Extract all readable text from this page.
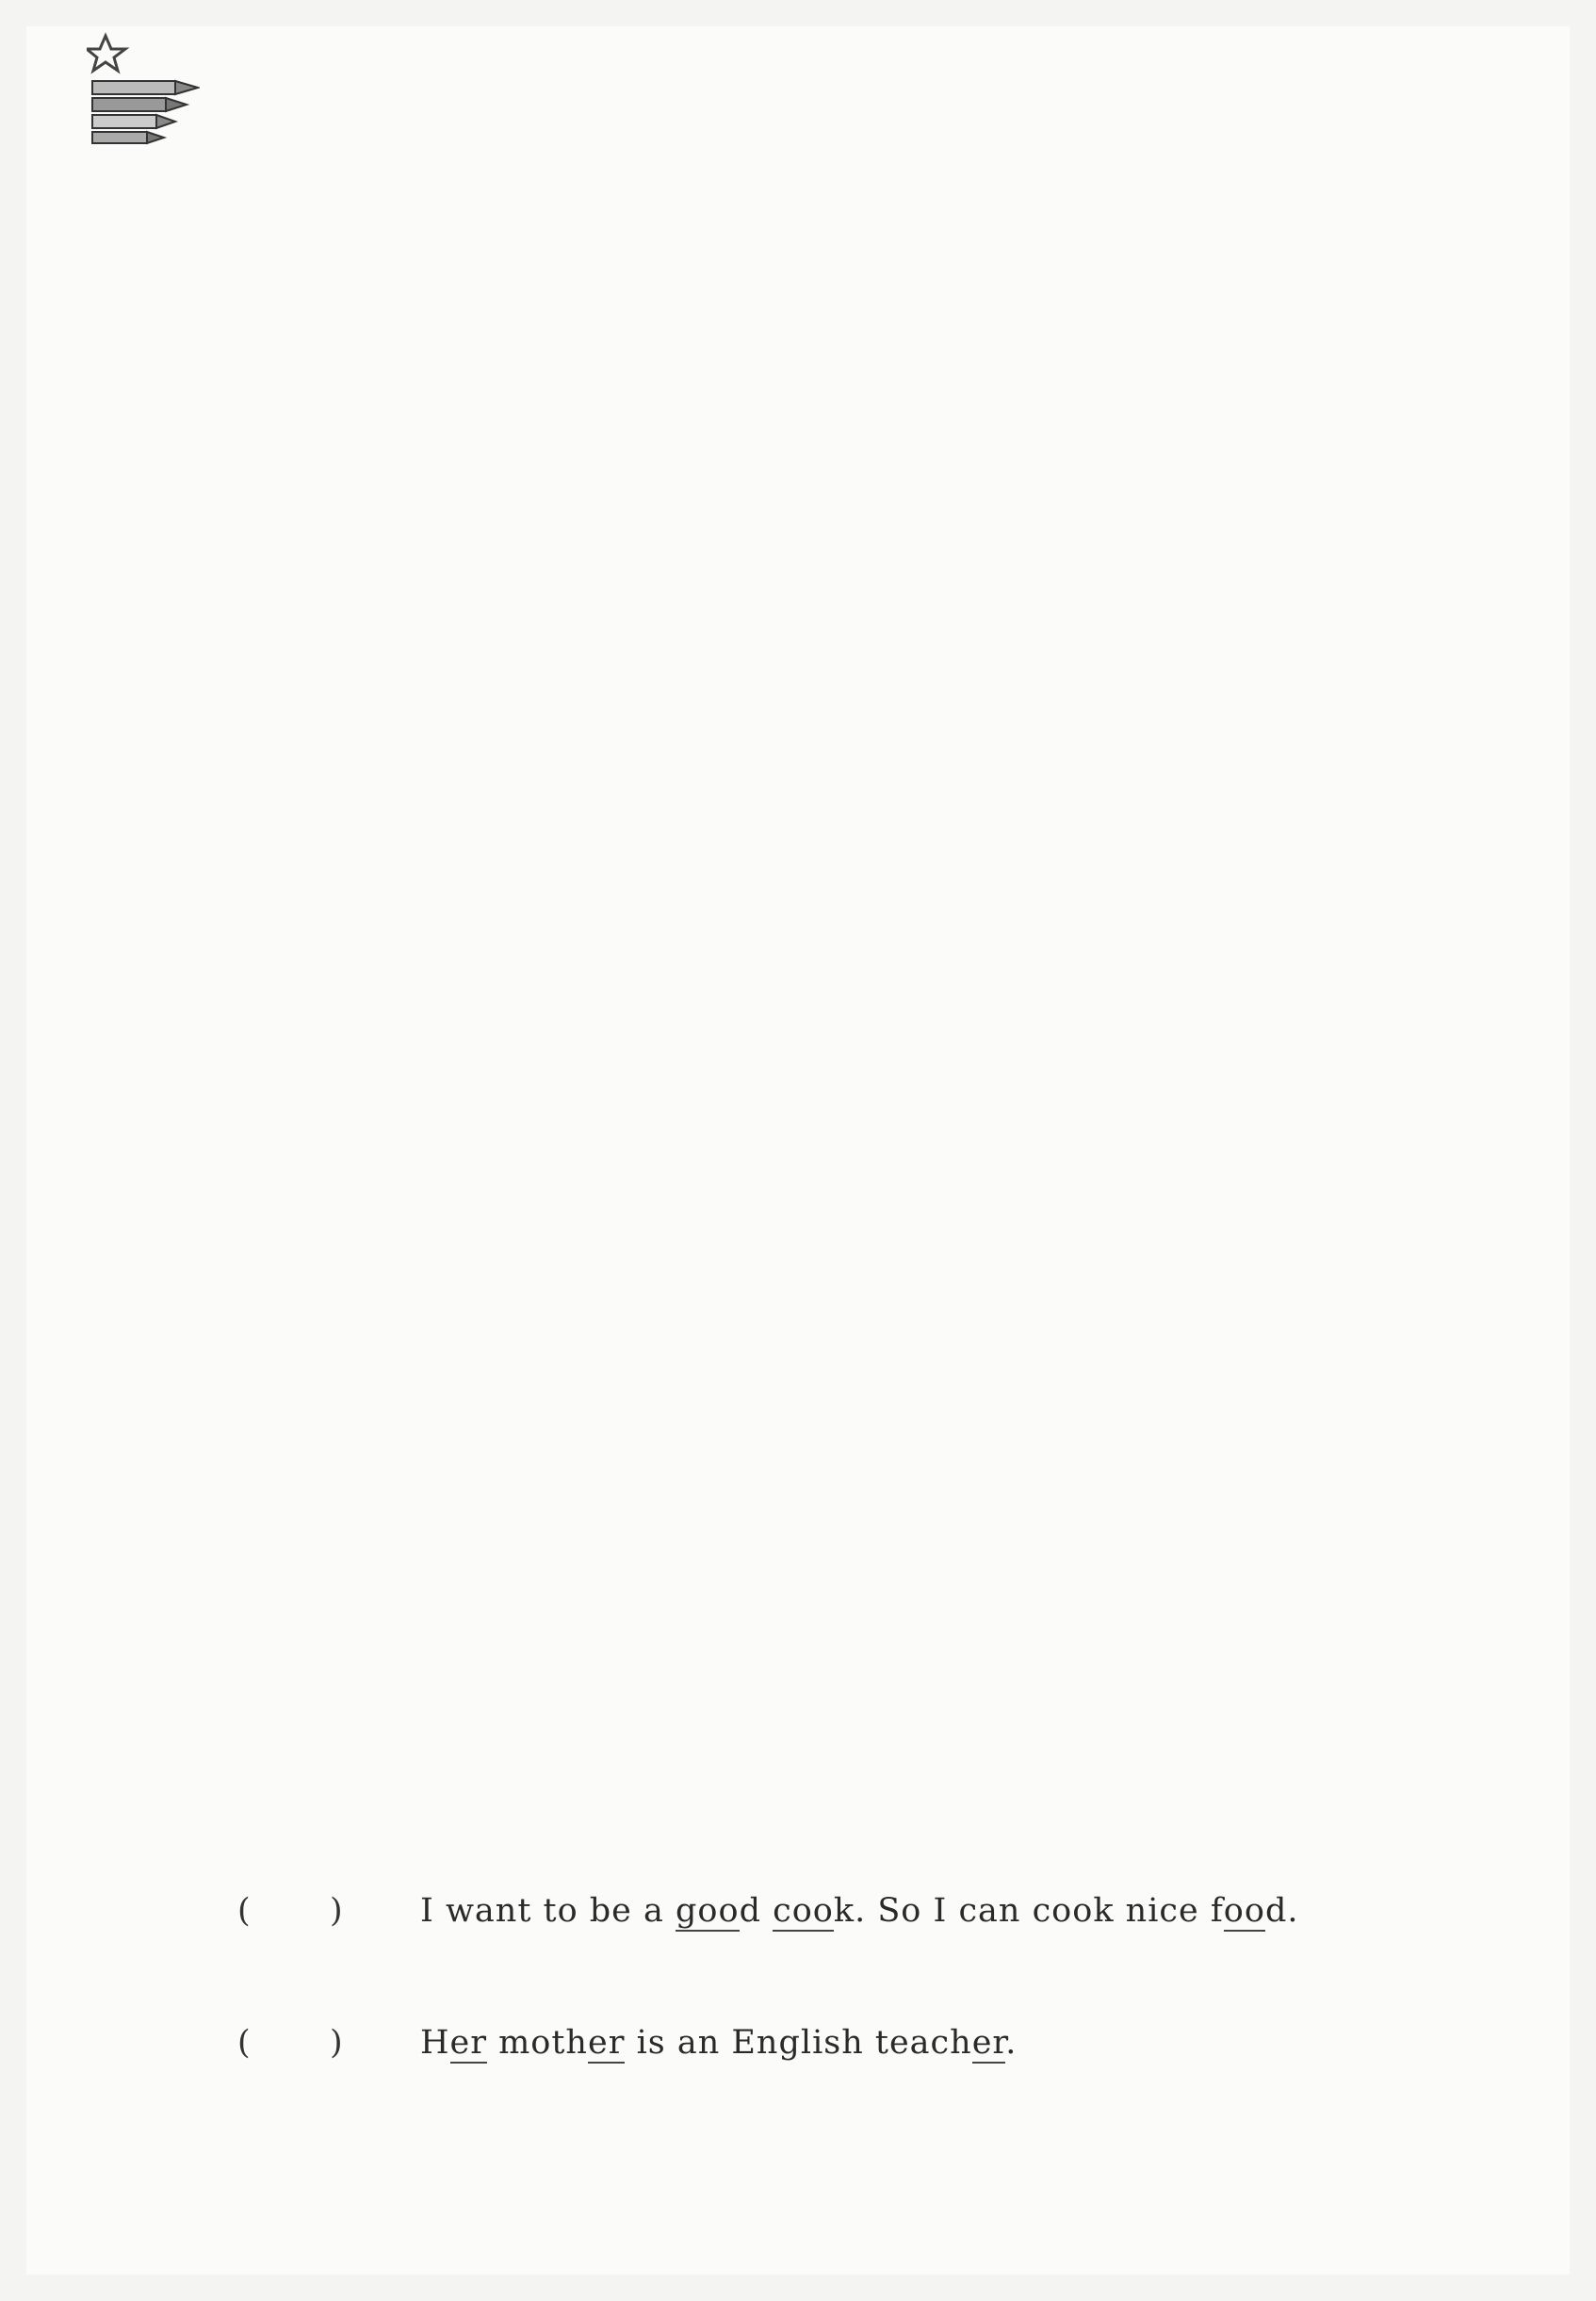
( ) I want to be a good cook. So I can cook nice food.
( ) Her mother is an English teacher.
